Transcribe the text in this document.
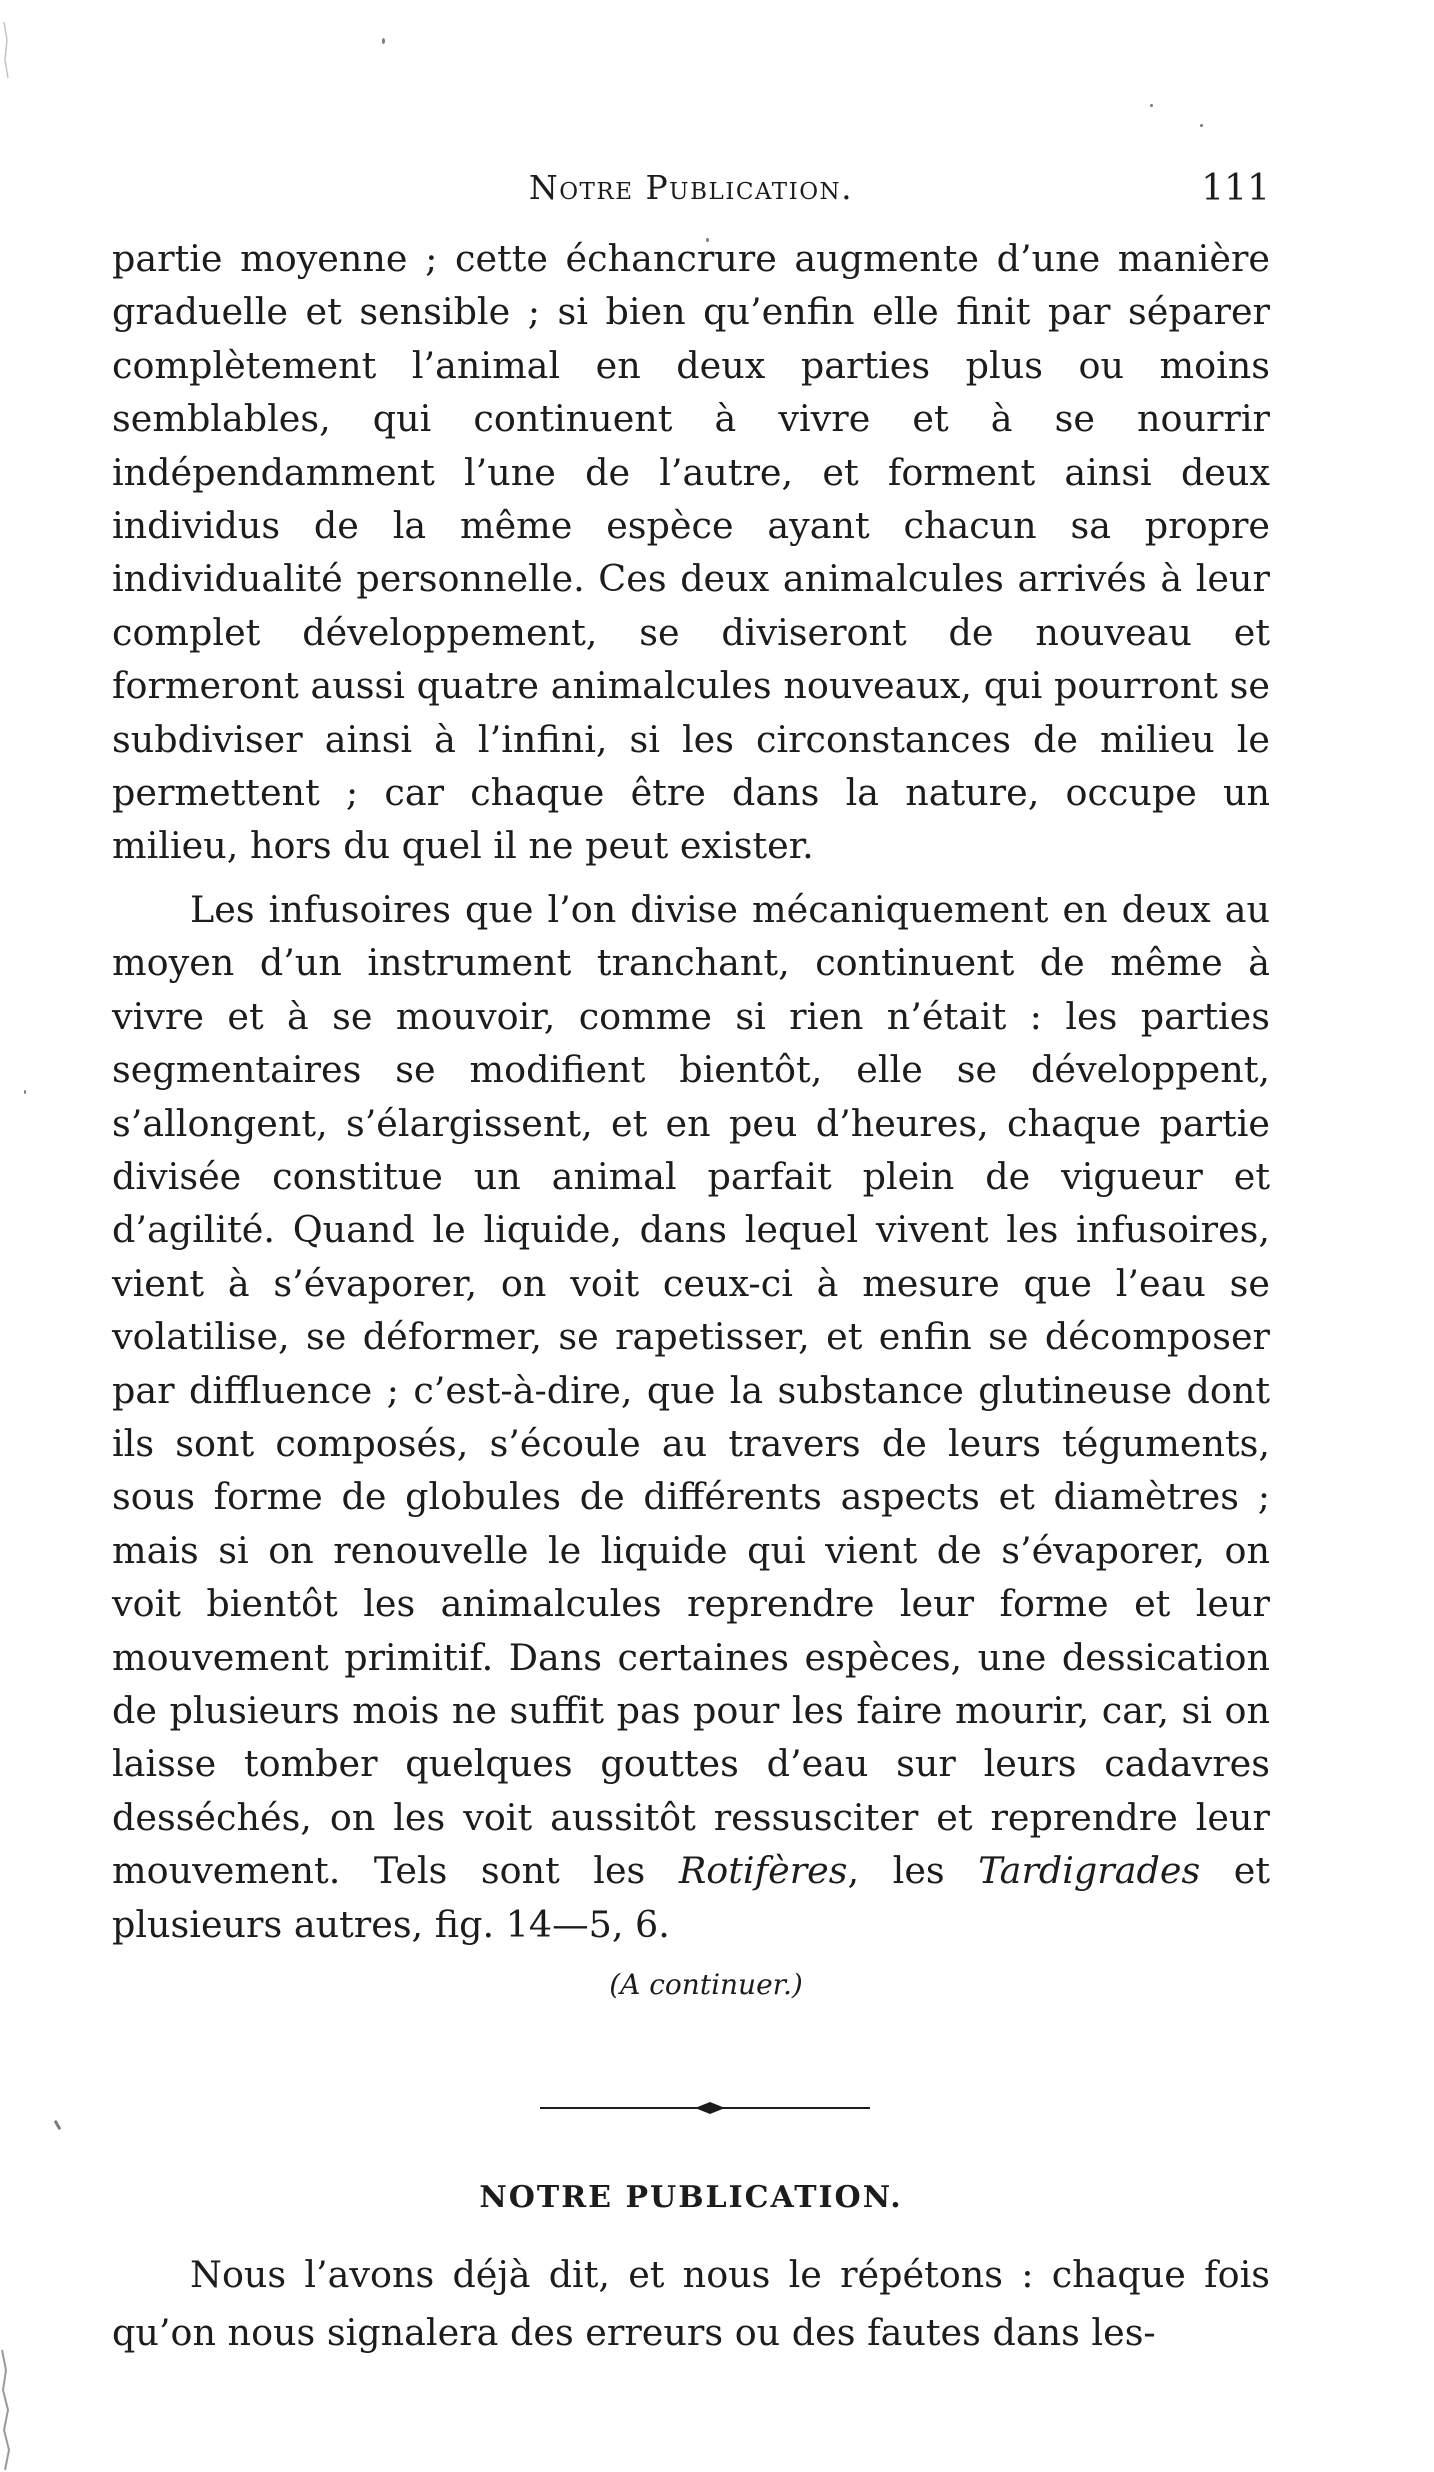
Notre Publication.	111

partie moyenne ; cette échancrure augmente d’une manière graduelle et sensible ; si bien qu’enfin elle finit par séparer complètement l’animal en deux parties plus ou moins semblables, qui continuent à vivre et à se nourrir indépendamment l’une de l’autre, et forment ainsi deux individus de la même espèce ayant chacun sa propre individualité personnelle. Ces deux animalcules arrivés à leur complet développement, se diviseront de nouveau et formeront aussi quatre animalcules nouveaux, qui pourront se subdiviser ainsi à l’infini, si les circonstances de milieu le permettent ; car chaque être dans la nature, occupe un milieu, hors du quel il ne peut exister.

Les infusoires que l’on divise mécaniquement en deux au moyen d’un instrument tranchant, continuent de même à vivre et à se mouvoir, comme si rien n’était : les parties segmentaires se modifient bientôt, elle se développent, s’allongent, s’élargissent, et en peu d’heures, chaque partie divisée constitue un animal parfait plein de vigueur et d’agilité. Quand le liquide, dans lequel vivent les infusoires, vient à s’évaporer, on voit ceux-ci à mesure que l’eau se volatilise, se déformer, se rapetisser, et enfin se décomposer par diffluence ; c’est-à-dire, que la substance glutineuse dont ils sont composés, s’écoule au travers de leurs téguments, sous forme de globules de différents aspects et diamètres ; mais si on renouvelle le liquide qui vient de s’évaporer, on voit bientôt les animalcules reprendre leur forme et leur mouvement primitif. Dans certaines espèces, une dessication de plusieurs mois ne suffit pas pour les faire mourir, car, si on laisse tomber quelques gouttes d’eau sur leurs cadavres desséchés, on les voit aussitôt ressusciter et reprendre leur mouvement. Tels sont les Rotifères, les Tardigrades et plusieurs autres, fig. 14—5, 6.

(A continuer.)

NOTRE PUBLICATION.

Nous l’avons déjà dit, et nous le répétons : chaque fois qu’on nous signalera des erreurs ou des fautes dans les-
